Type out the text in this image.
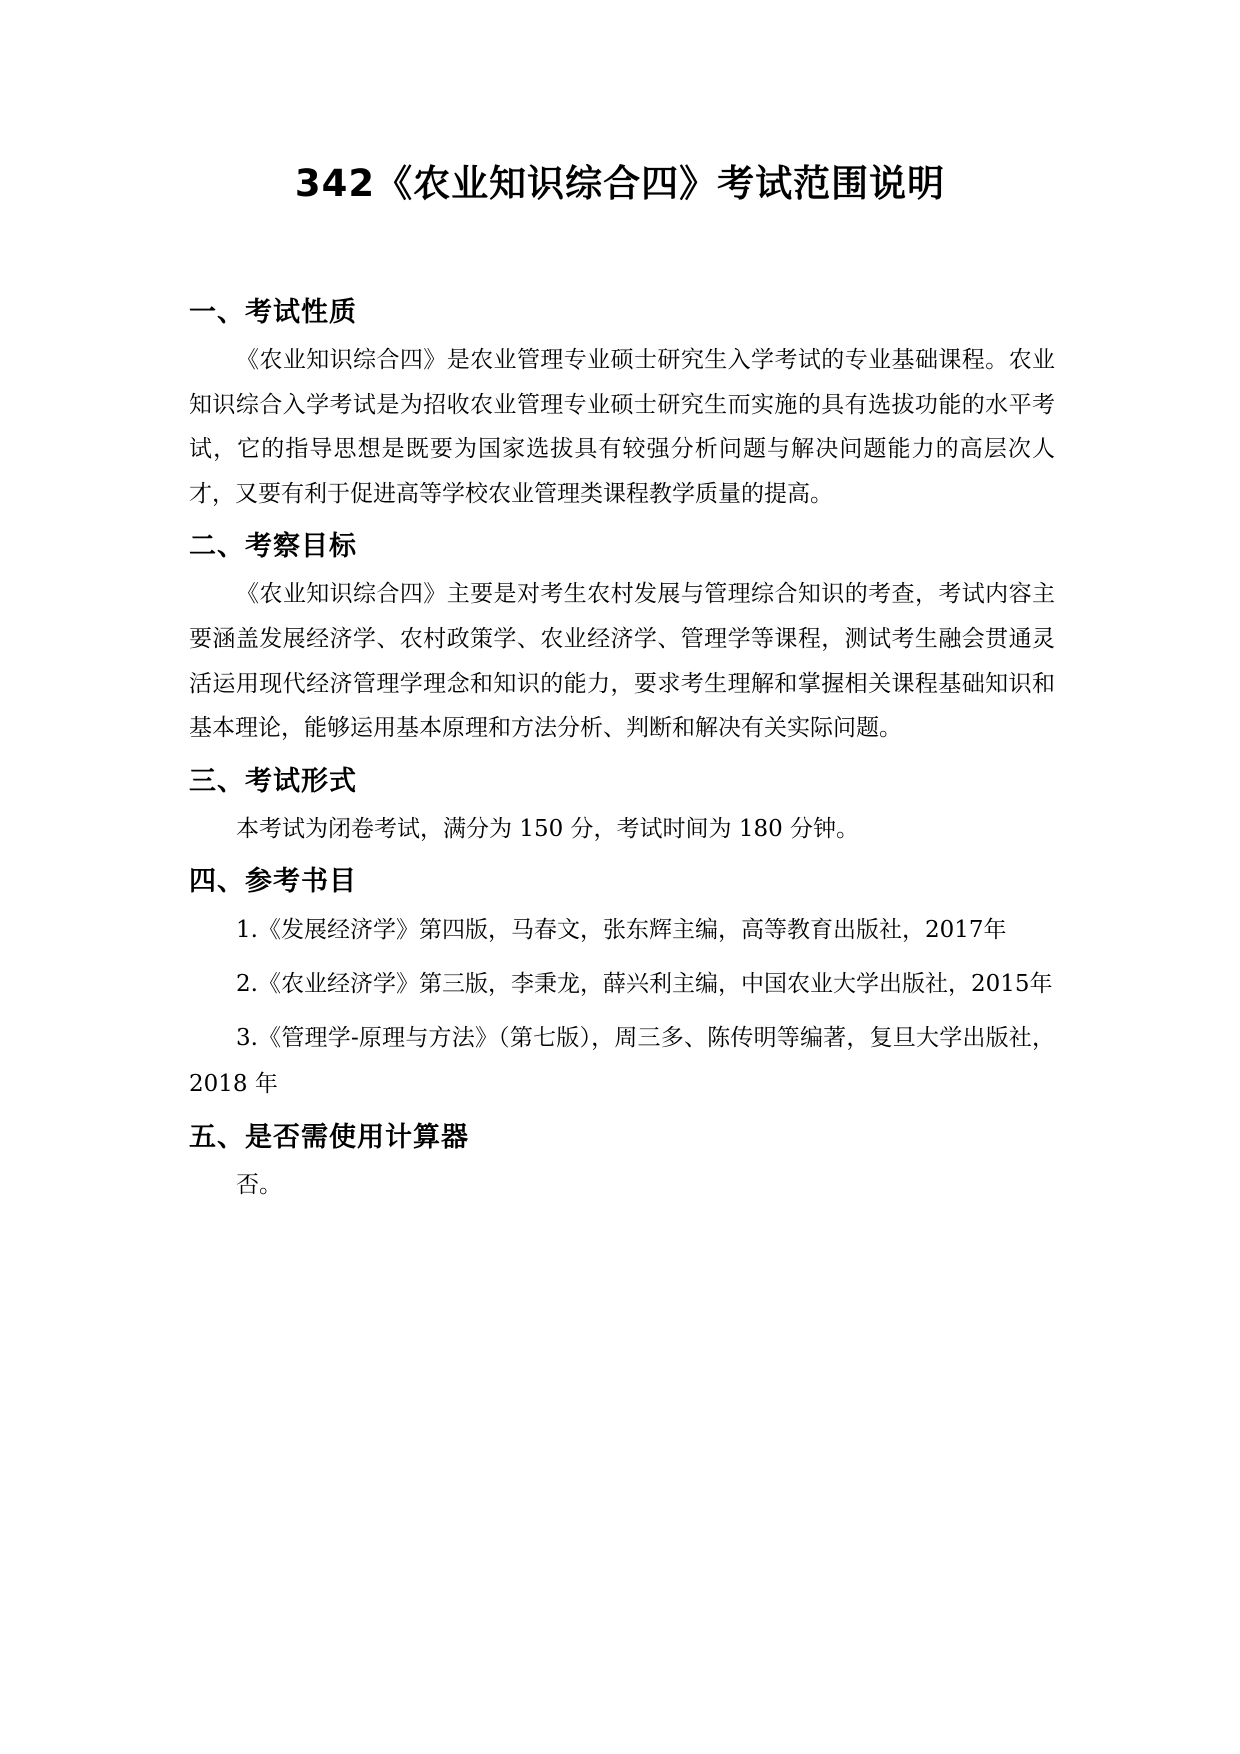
342《农业知识综合四》考试范围说明
一、考试性质

《农业知识综合四》是农业管理专业硕士研究生入学考试的专业基础课程。农业知识综合入学考试是为招收农业管理专业硕士研究生而实施的具有选拔功能的水平考试，它的指导思想是既要为国家选拔具有较强分析问题与解决问题能力的高层次人才，又要有利于促进高等学校农业管理类课程教学质量的提高。

二、考察目标

《农业知识综合四》主要是对考生农村发展与管理综合知识的考查，考试内容主要涵盖发展经济学、农村政策学、农业经济学、管理学等课程，测试考生融会贯通灵活运用现代经济管理学理念和知识的能力，要求考生理解和掌握相关课程基础知识和基本理论，能够运用基本原理和方法分析、判断和解决有关实际问题。

三、考试形式

本考试为闭卷考试，满分为 150 分，考试时间为 180 分钟。

四、参考书目

1.《发展经济学》第四版，马春文，张东辉主编，高等教育出版社，2017年

2.《农业经济学》第三版，李秉龙，薛兴利主编，中国农业大学出版社，2015年

3.《管理学-原理与方法》（第七版），周三多、陈传明等编著，复旦大学出版社，2018 年

五、是否需使用计算器

否。
